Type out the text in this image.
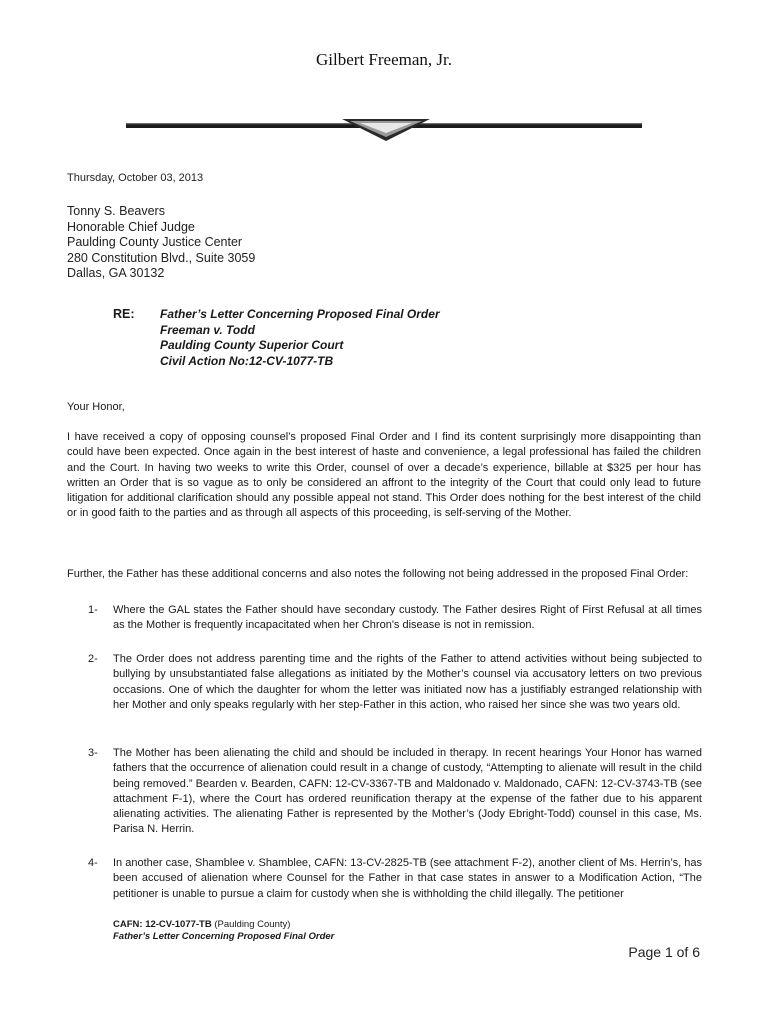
Gilbert Freeman, Jr.
Thursday, October 03, 2013
Tonny S. Beavers
Honorable Chief Judge
Paulding County Justice Center
280 Constitution Blvd., Suite 3059
Dallas, GA 30132
RE: Father’s Letter Concerning Proposed Final Order
Freeman v. Todd
Paulding County Superior Court
Civil Action No:12-CV-1077-TB
Your Honor,

I have received a copy of opposing counsel’s proposed Final Order and I find its content surprisingly more disappointing than could have been expected. Once again in the best interest of haste and convenience, a legal professional has failed the children and the Court. In having two weeks to write this Order, counsel of over a decade’s experience, billable at $325 per hour has written an Order that is so vague as to only be considered an affront to the integrity of the Court that could only lead to future litigation for additional clarification should any possible appeal not stand. This Order does nothing for the best interest of the child or in good faith to the parties and as through all aspects of this proceeding, is self-serving of the Mother.

Further, the Father has these additional concerns and also notes the following not being addressed in the proposed Final Order:

1- Where the GAL states the Father should have secondary custody. The Father desires Right of First Refusal at all times as the Mother is frequently incapacitated when her Chron's disease is not in remission.
2- The Order does not address parenting time and the rights of the Father to attend activities without being subjected to bullying by unsubstantiated false allegations as initiated by the Mother’s counsel via accusatory letters on two previous occasions. One of which the daughter for whom the letter was initiated now has a justifiably estranged relationship with her Mother and only speaks regularly with her step-Father in this action, who raised her since she was two years old.
3- The Mother has been alienating the child and should be included in therapy. In recent hearings Your Honor has warned fathers that the occurrence of alienation could result in a change of custody, “Attempting to alienate will result in the child being removed.” Bearden v. Bearden, CAFN: 12-CV-3367-TB and Maldonado v. Maldonado, CAFN: 12-CV-3743-TB (see attachment F-1), where the Court has ordered reunification therapy at the expense of the father due to his apparent alienating activities. The alienating Father is represented by the Mother’s (Jody Ebright-Todd) counsel in this case, Ms. Parisa N. Herrin.
4- In another case, Shamblee v. Shamblee, CAFN: 13-CV-2825-TB (see attachment F-2), another client of Ms. Herrin’s, has been accused of alienation where Counsel for the Father in that case states in answer to a Modification Action, “The petitioner is unable to pursue a claim for custody when she is withholding the child illegally. The petitioner
CAFN: 12-CV-1077-TB (Paulding County)
Father’s Letter Concerning Proposed Final Order
Page 1 of 6
